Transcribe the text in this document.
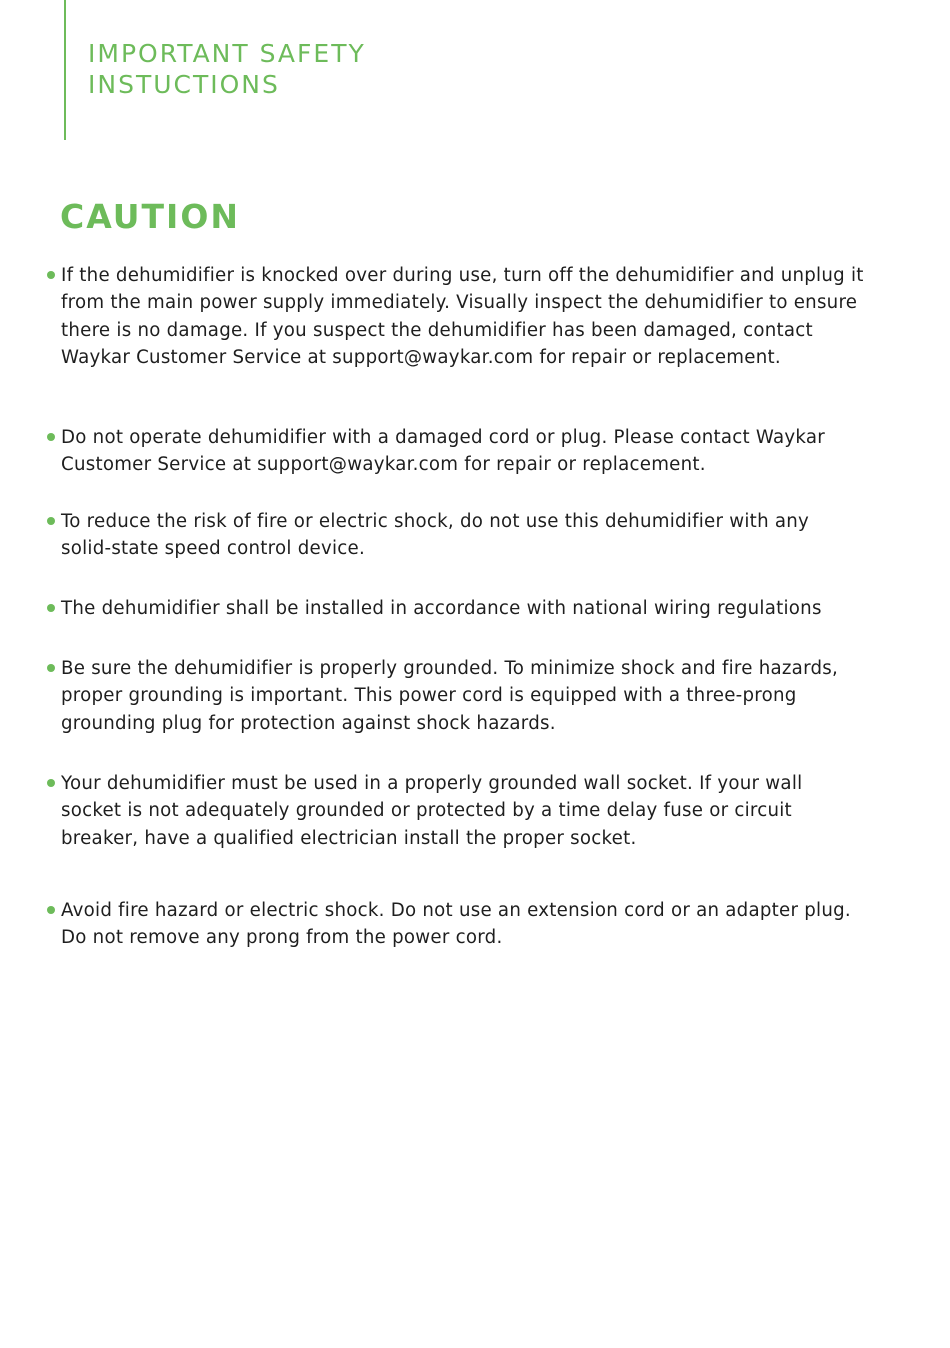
IMPORTANT SAFETY
INSTUCTIONS
CAUTION
If the dehumidifier is knocked over during use, turn off the dehumidifier and unplug it
from the main power supply immediately. Visually inspect the dehumidifier to ensure
there is no damage. If you suspect the dehumidifier has been damaged, contact
Waykar Customer Service at support@waykar.com for repair or replacement.
Do not operate dehumidifier with a damaged cord or plug. Please contact Waykar
Customer Service at support@waykar.com for repair or replacement.
To reduce the risk of fire or electric shock, do not use this dehumidifier with any
solid-state speed control device.
The dehumidifier shall be installed in accordance with national wiring regulations
Be sure the dehumidifier is properly grounded. To minimize shock and fire hazards,
proper grounding is important. This power cord is equipped with a three-prong
grounding plug for protection against shock hazards.
Your dehumidifier must be used in a properly grounded wall socket. If your wall
socket is not adequately grounded or protected by a time delay fuse or circuit
breaker, have a qualified electrician install the proper socket.
Avoid fire hazard or electric shock. Do not use an extension cord or an adapter plug.
Do not remove any prong from the power cord.
